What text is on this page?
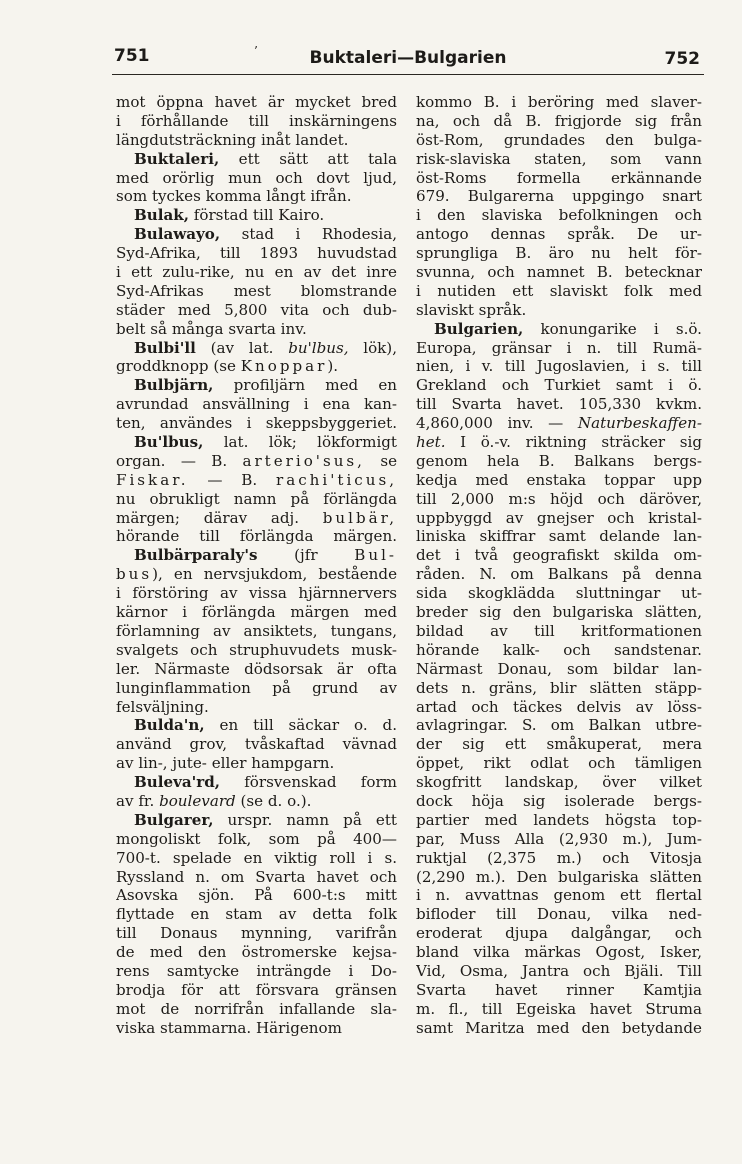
751	’	Buktaleri—Bulgarien	752
mot öppna havet är mycket bred
i förhållande till inskärningens
längdutsträckning inåt landet.
Buktaleri, ett sätt att tala
med orörlig mun och dovt ljud,
som tyckes komma långt ifrån.
Bulak, förstad till Kairo.
Bulawayo, stad i Rhodesia,
Syd-Afrika, till 1893 huvudstad
i ett zulu-rike, nu en av det inre
Syd-Afrikas mest blomstrande
städer med 5,800 vita och dub-
belt så många svarta inv.
Bulbi'll (av lat. bu'lbus, lök),
groddknopp (se Knoppar).
Bulbjärn, profiljärn med en
avrundad ansvällning i ena kan-
ten, användes i skeppsbyggeriet.
Bu'lbus, lat. lök; lökformigt
organ. — B. arterio'sus, se
Fiskar. — B. rachi'ticus,
nu obrukligt namn på förlängda
märgen; därav adj. bulbär,
hörande till förlängda märgen.
Bulbärparaly's (jfr Bul-
bus), en nervsjukdom, bestående
i förstöring av vissa hjärnnervers
kärnor i förlängda märgen med
förlamning av ansiktets, tungans,
svalgets och struphuvudets musk-
ler. Närmaste dödsorsak är ofta
lunginflammation på grund av
felsväljning.
Bulda'n, en till säckar o. d.
använd grov, tvåskaftad vävnad
av lin-, jute- eller hampgarn.
Buleva'rd, försvenskad form
av fr. boulevard (se d. o.).
Bulgarer, urspr. namn på ett
mongoliskt folk, som på 400—
700-t. spelade en viktig roll i s.
Ryssland n. om Svarta havet och
Asovska sjön. På 600-t:s mitt
flyttade en stam av detta folk
till Donaus mynning, varifrån
de med den östromerske kejsa-
rens samtycke inträngde i Do-
brodja för att försvara gränsen
mot de norrifrån infallande sla-
viska stammarna. Härigenom
kommo B. i beröring med slaver-
na, och då B. frigjorde sig från
öst-Rom, grundades den bulga-
risk-slaviska staten, som vann
öst-Roms formella erkännande
679. Bulgarerna uppgingo snart
i den slaviska befolkningen och
antogo dennas språk. De ur-
sprungliga B. äro nu helt för-
svunna, och namnet B. betecknar
i nutiden ett slaviskt folk med
slaviskt språk.
Bulgarien, konungarike i s.ö.
Europa, gränsar i n. till Rumä-
nien, i v. till Jugoslavien, i s. till
Grekland och Turkiet samt i ö.
till Svarta havet. 105,330 kvkm.
4,860,000 inv. — Naturbeskaffen-
het. I ö.-v. riktning sträcker sig
genom hela B. Balkans bergs-
kedja med enstaka toppar upp
till 2,000 m:s höjd och däröver,
uppbyggd av gnejser och kristal-
liniska skiffrar samt delande lan-
det i två geografiskt skilda om-
råden. N. om Balkans på denna
sida skogklädda sluttningar ut-
breder sig den bulgariska slätten,
bildad av till kritformationen
hörande kalk- och sandstenar.
Närmast Donau, som bildar lan-
dets n. gräns, blir slätten stäpp-
artad och täckes delvis av löss-
avlagringar. S. om Balkan utbre-
der sig ett småkuperat, mera
öppet, rikt odlat och tämligen
skogfritt landskap, över vilket
dock höja sig isolerade bergs-
partier med landets högsta top-
par, Muss Alla (2,930 m.), Jum-
ruktjal (2,375 m.) och Vitosja
(2,290 m.). Den bulgariska slätten
i n. avvattnas genom ett flertal
bifloder till Donau, vilka ned-
eroderat djupa dalgångar, och
bland vilka märkas Ogost, Isker,
Vid, Osma, Jantra och Bjäli. Till
Svarta havet rinner Kamtjia
m. fl., till Egeiska havet Struma
samt Maritza med den betydande
